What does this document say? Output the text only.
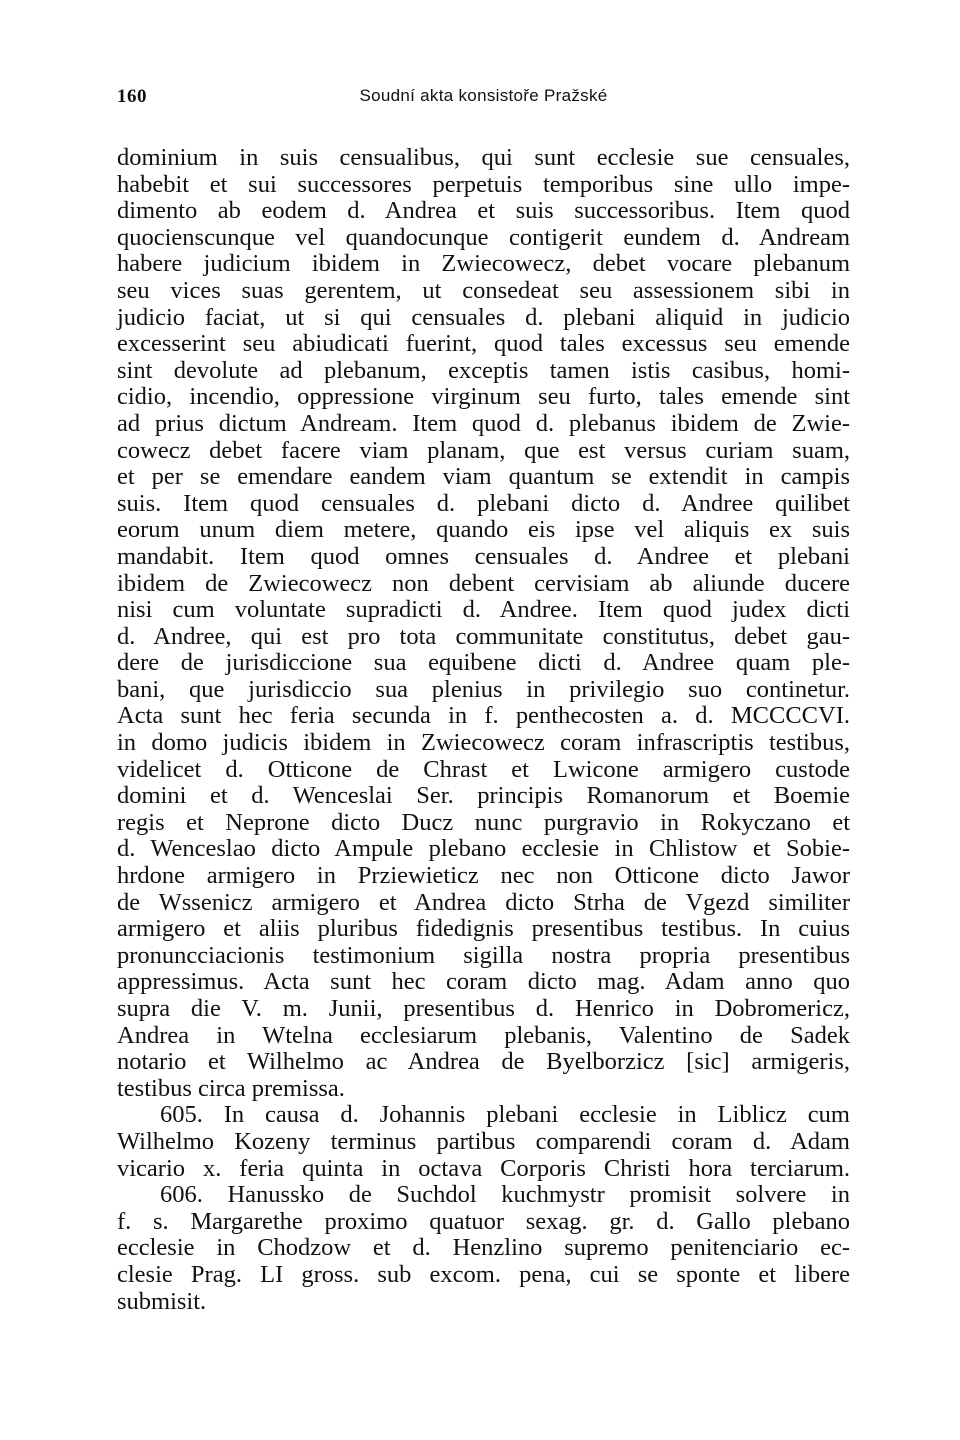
160	Soudní akta konsistoře Pražské
dominium in suis censualibus, qui sunt ecclesie sue censuales,
habebit et sui successores perpetuis temporibus sine ullo impe-
dimento ab eodem d. Andrea et suis successoribus. Item quod
quocienscunque vel quandocunque contigerit eundem d. Andream
habere judicium ibidem in Zwiecowecz, debet vocare plebanum
seu vices suas gerentem, ut consedeat seu assessionem sibi in
judicio faciat, ut si qui censuales d. plebani aliquid in judicio
excesserint seu abiudicati fuerint, quod tales excessus seu emende
sint devolute ad plebanum, exceptis tamen istis casibus, homi-
cidio, incendio, oppressione virginum seu furto, tales emende sint
ad prius dictum Andream. Item quod d. plebanus ibidem de Zwie-
cowecz debet facere viam planam, que est versus curiam suam,
et per se emendare eandem viam quantum se extendit in campis
suis. Item quod censuales d. plebani dicto d. Andree quilibet
eorum unum diem metere, quando eis ipse vel aliquis ex suis
mandabit. Item quod omnes censuales d. Andree et plebani
ibidem de Zwiecowecz non debent cervisiam ab aliunde ducere
nisi cum voluntate supradicti d. Andree. Item quod judex dicti
d. Andree, qui est pro tota communitate constitutus, debet gau-
dere de jurisdiccione sua equibene dicti d. Andree quam ple-
bani, que jurisdiccio sua plenius in privilegio suo continetur.
Acta sunt hec feria secunda in f. penthecosten a. d. MCCCCVI.
in domo judicis ibidem in Zwiecowecz coram infrascriptis testibus,
videlicet d. Otticone de Chrast et Lwicone armigero custode
domini et d. Wenceslai Ser. principis Romanorum et Boemie
regis et Neprone dicto Ducz nunc purgravio in Rokyczano et
d. Wenceslao dicto Ampule plebano ecclesie in Chlistow et Sobie-
hrdone armigero in Prziewieticz nec non Otticone dicto Jawor
de Wssenicz armigero et Andrea dicto Strha de Vgezd similiter
armigero et aliis pluribus fidedignis presentibus testibus. In cuius
pronuncciacionis testimonium sigilla nostra propria presentibus
appressimus. Acta sunt hec coram dicto mag. Adam anno quo
supra die V. m. Junii, presentibus d. Henrico in Dobromericz,
Andrea in Wtelna ecclesiarum plebanis, Valentino de Sadek
notario et Wilhelmo ac Andrea de Byelborzicz [sic] armigeris,
testibus circa premissa.
605. In causa d. Johannis plebani ecclesie in Liblicz cum
Wilhelmo Kozeny terminus partibus comparendi coram d. Adam
vicario x. feria quinta in octava Corporis Christi hora terciarum.
606. Hanussko de Suchdol kuchmystr promisit solvere in
f. s. Margarethe proximo quatuor sexag. gr. d. Gallo plebano
ecclesie in Chodzow et d. Henzlino supremo penitenciario ec-
clesie Prag. LI gross. sub excom. pena, cui se sponte et libere
submisit.
